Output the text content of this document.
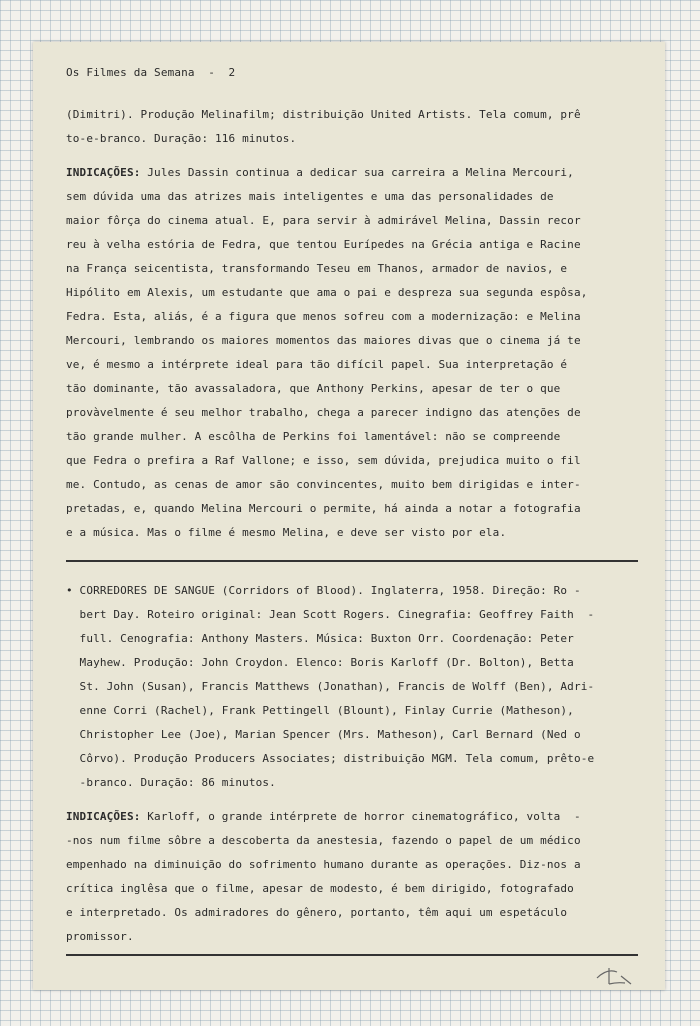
Os Filmes da Semana  -  2
(Dimitri). Produção Melinafilm; distribuição United Artists. Tela comum, prê
to-e-branco. Duração: 116 minutos.
INDICAÇÕES: Jules Dassin continua a dedicar sua carreira a Melina Mercouri,
sem dúvida uma das atrizes mais inteligentes e uma das personalidades de
maior fôrça do cinema atual. E, para servir à admirável Melina, Dassin recor
reu à velha estória de Fedra, que tentou Eurípedes na Grécia antiga e Racine
na França seicentista, transformando Teseu em Thanos, armador de navios, e
Hipólito em Alexis, um estudante que ama o pai e despreza sua segunda espôsa,
Fedra. Esta, aliás, é a figura que menos sofreu com a modernização: e Melina
Mercouri, lembrando os maiores momentos das maiores divas que o cinema já te
ve, é mesmo a intérprete ideal para tão difícil papel. Sua interpretação é
tão dominante, tão avassaladora, que Anthony Perkins, apesar de ter o que
provàvelmente é seu melhor trabalho, chega a parecer indigno das atenções de
tão grande mulher. A escôlha de Perkins foi lamentável: não se compreende
que Fedra o prefira a Raf Vallone; e isso, sem dúvida, prejudica muito o fil
me. Contudo, as cenas de amor são convincentes, muito bem dirigidas e inter-
pretadas, e, quando Melina Mercouri o permite, há ainda a notar a fotografia
e a música. Mas o filme é mesmo Melina, e deve ser visto por ela.
• CORREDORES DE SANGUE (Corridors of Blood). Inglaterra, 1958. Direção: Ro -
bert Day. Roteiro original: Jean Scott Rogers. Cinegrafia: Geoffrey Faith  -
full. Cenografia: Anthony Masters. Música: Buxton Orr. Coordenação: Peter
Mayhew. Produção: John Croydon. Elenco: Boris Karloff (Dr. Bolton), Betta
St. John (Susan), Francis Matthews (Jonathan), Francis de Wolff (Ben), Adri-
enne Corri (Rachel), Frank Pettingell (Blount), Finlay Currie (Matheson),
Christopher Lee (Joe), Marian Spencer (Mrs. Matheson), Carl Bernard (Ned o
Côrvo). Produção Producers Associates; distribuição MGM. Tela comum, prêto-e
-branco. Duração: 86 minutos.
INDICAÇÕES: Karloff, o grande intérprete de horror cinematográfico, volta  -
-nos num filme sôbre a descoberta da anestesia, fazendo o papel de um médico
empenhado na diminuição do sofrimento humano durante as operações. Diz-nos a
crítica inglêsa que o filme, apesar de modesto, é bem dirigido, fotografado
e interpretado. Os admiradores do gênero, portanto, têm aqui um espetáculo
promissor.
